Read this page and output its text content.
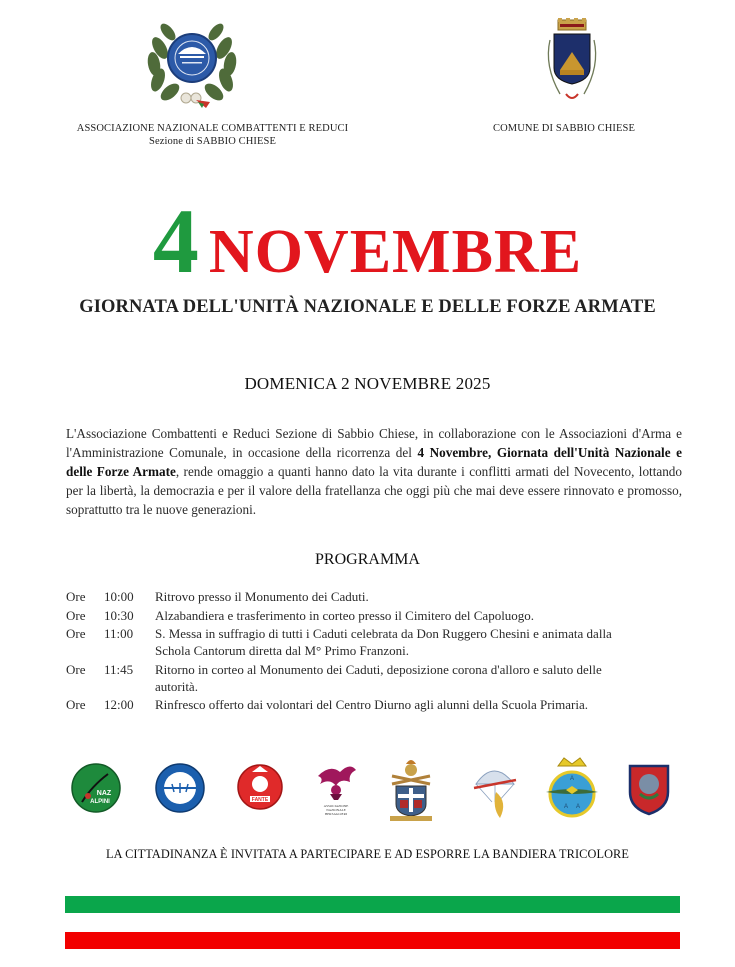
ASSOCIAZIONE NAZIONALE COMBATTENTI E REDUCI

Sezione di SABBIO CHIESE
COMUNE DI SABBIO CHIESE
4 NOVEMBRE
GIORNATA DELL'UNITÀ NAZIONALE E DELLE FORZE ARMATE
DOMENICA 2 NOVEMBRE 2025
L'Associazione Combattenti e Reduci Sezione di Sabbio Chiese, in collaborazione con le Associazioni d'Arma e l'Amministrazione Comunale, in occasione della ricorrenza del 4 Novembre, Giornata dell'Unità Nazionale e delle Forze Armate, rende omaggio a quanti hanno dato la vita durante i conflitti armati del Novecento, lottando per la libertà, la democrazia e per il valore della fratellanza che oggi più che mai deve essere rinnovato e promosso, soprattutto tra le nuove generazioni.
PROGRAMMA
Ore	10:00	Ritrovo presso il Monumento dei Caduti.
Ore	10:30	Alzabandiera e trasferimento in corteo presso il Cimitero del Capoluogo.
Ore	11:00	S. Messa in suffragio di tutti i Caduti celebrata da Don Ruggero Chesini e animata dalla Schola Cantorum diretta dal M° Primo Franzoni.
Ore	11:45	Ritorno in corteo al Monumento dei Caduti, deposizione corona d'alloro e saluto delle autorità.
Ore	12:00	Rinfresco offerto dai volontari del Centro Diurno agli alunni della Scuola Primaria.
NAZ
ALPINI	FANTE
ASSOCIAZIONE
NAZIONALE
BERSAGLIERI
A
A A
LA CITTADINANZA È INVITATA A PARTECIPARE E AD ESPORRE LA BANDIERA TRICOLORE
